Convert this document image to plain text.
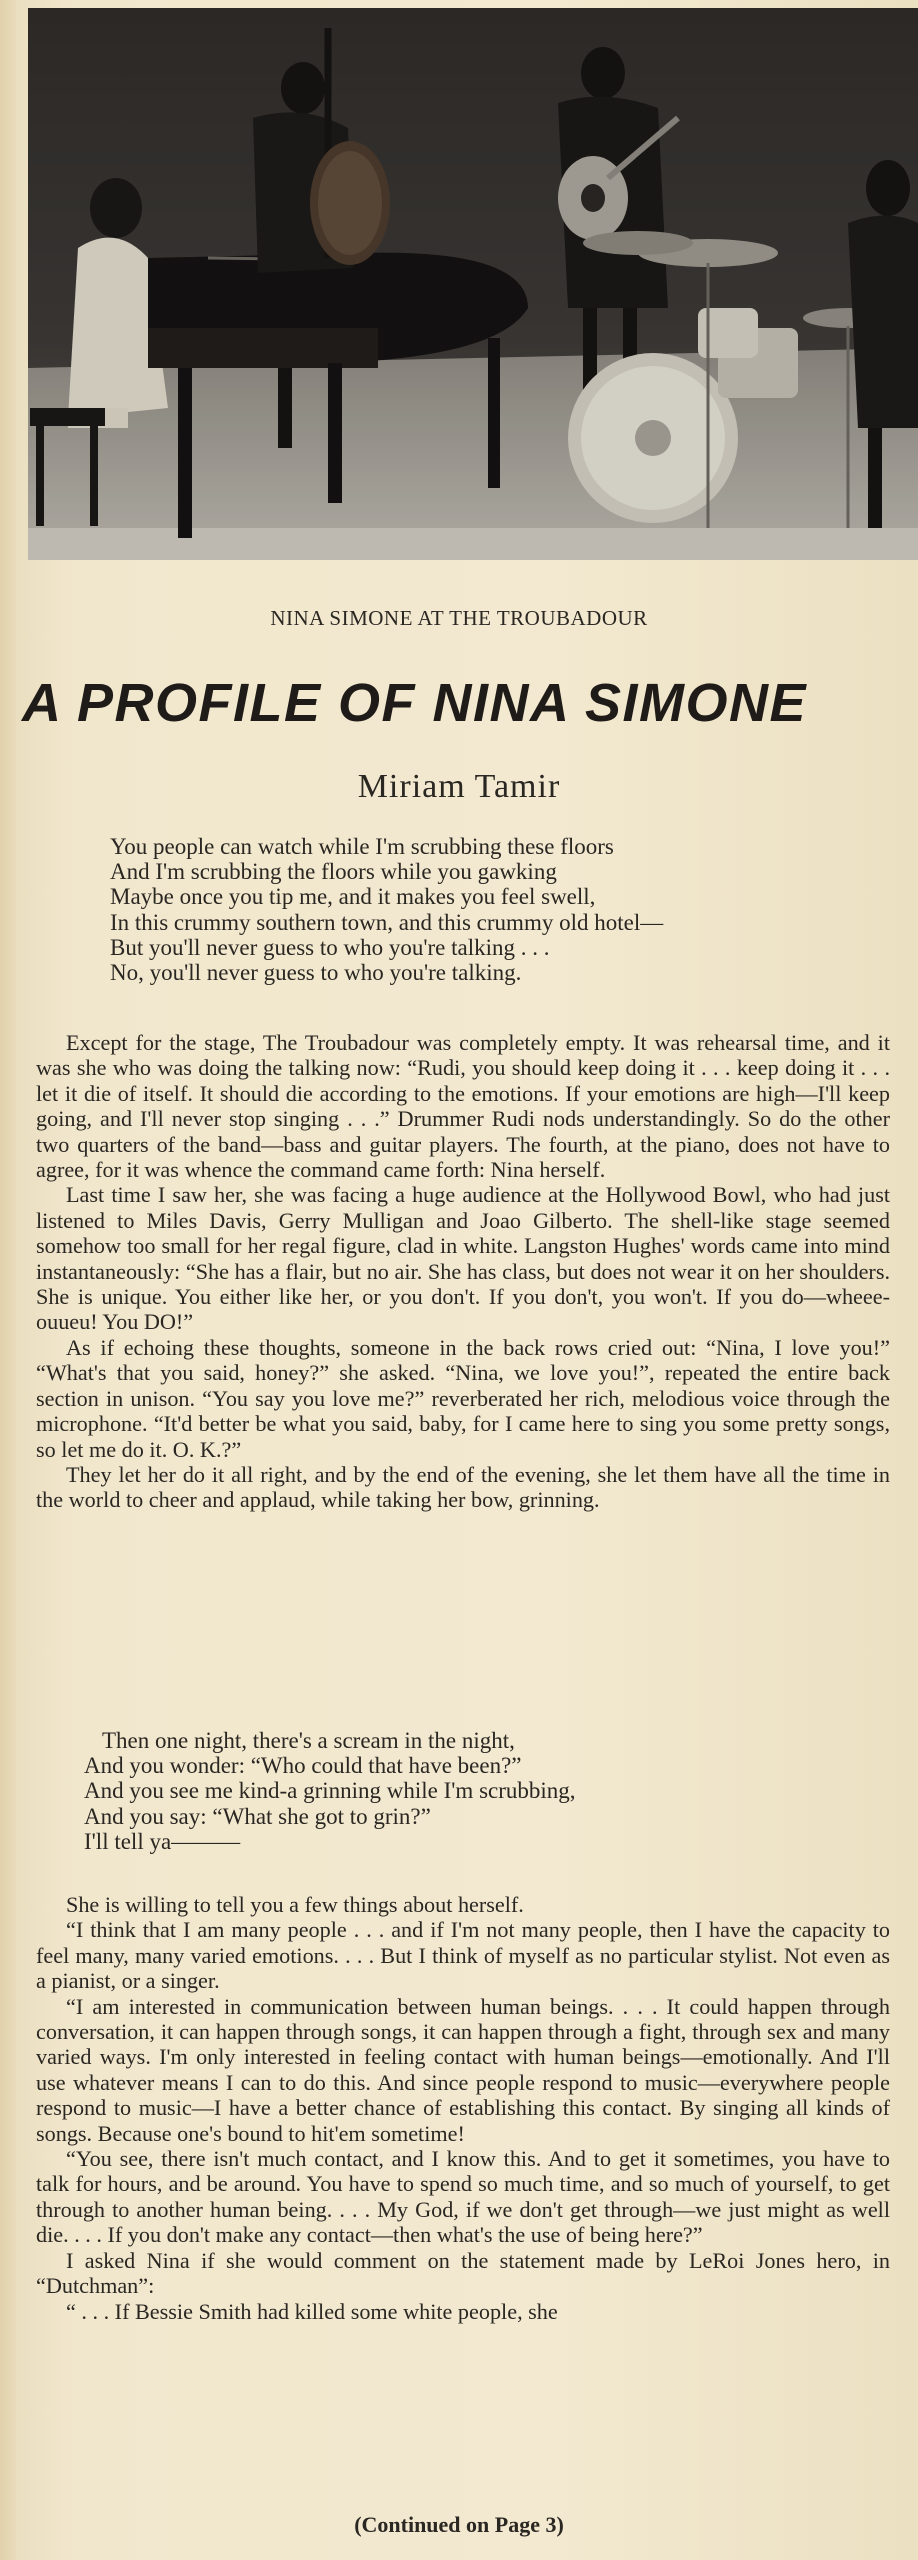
NINA SIMONE AT THE TROUBADOUR
A PROFILE OF NINA SIMONE
Miriam Tamir
You people can watch while I'm scrubbing these floors
And I'm scrubbing the floors while you gawking
Maybe once you tip me, and it makes you feel swell,
In this crummy southern town, and this crummy old hotel—
But you'll never guess to who you're talking . . .
No, you'll never guess to who you're talking.

Except for the stage, The Troubadour was completely empty. It was rehearsal time, and it was she who was doing the talking now: “Rudi, you should keep doing it . . . keep doing it . . . let it die of itself. It should die according to the emotions. If your emotions are high—I'll keep going, and I'll never stop singing . . .” Drummer Rudi nods understandingly. So do the other two quarters of the band—bass and guitar players. The fourth, at the piano, does not have to agree, for it was whence the command came forth: Nina herself.

Last time I saw her, she was facing a huge audience at the Hollywood Bowl, who had just listened to Miles Davis, Gerry Mulligan and Joao Gilberto. The shell-like stage seemed somehow too small for her regal figure, clad in white. Langston Hughes' words came into mind instantaneously: “She has a flair, but no air. She has class, but does not wear it on her shoulders. She is unique. You either like her, or you don't. If you don't, you won't. If you do—wheee-ouueu! You DO!”

As if echoing these thoughts, someone in the back rows cried out: “Nina, I love you!” “What's that you said, honey?” she asked. “Nina, we love you!”, repeated the entire back section in unison. “You say you love me?” reverberated her rich, melodious voice through the microphone. “It'd better be what you said, baby, for I came here to sing you some pretty songs, so let me do it. O. K.?”

They let her do it all right, and by the end of the evening, she let them have all the time in the world to cheer and applaud, while taking her bow, grinning.

Then one night, there's a scream in the night,
And you wonder: “Who could that have been?”
And you see me kind-a grinning while I'm scrubbing,
And you say: “What she got to grin?”
I'll tell ya———

She is willing to tell you a few things about herself.

“I think that I am many people . . . and if I'm not many people, then I have the capacity to feel many, many varied emotions. . . . But I think of myself as no particular stylist. Not even as a pianist, or a singer.

“I am interested in communication between human beings. . . . It could happen through conversation, it can happen through songs, it can happen through a fight, through sex and many varied ways. I'm only interested in feeling contact with human beings—emotionally. And I'll use whatever means I can to do this. And since people respond to music—everywhere people respond to music—I have a better chance of establishing this contact. By singing all kinds of songs. Because one's bound to hit'em sometime!

“You see, there isn't much contact, and I know this. And to get it sometimes, you have to talk for hours, and be around. You have to spend so much time, and so much of yourself, to get through to another human being. . . . My God, if we don't get through—we just might as well die. . . . If you don't make any contact—then what's the use of being here?”

I asked Nina if she would comment on the statement made by LeRoi Jones hero, in “Dutchman”:

“ . . . If Bessie Smith had killed some white people, she

(Continued on Page 3)
